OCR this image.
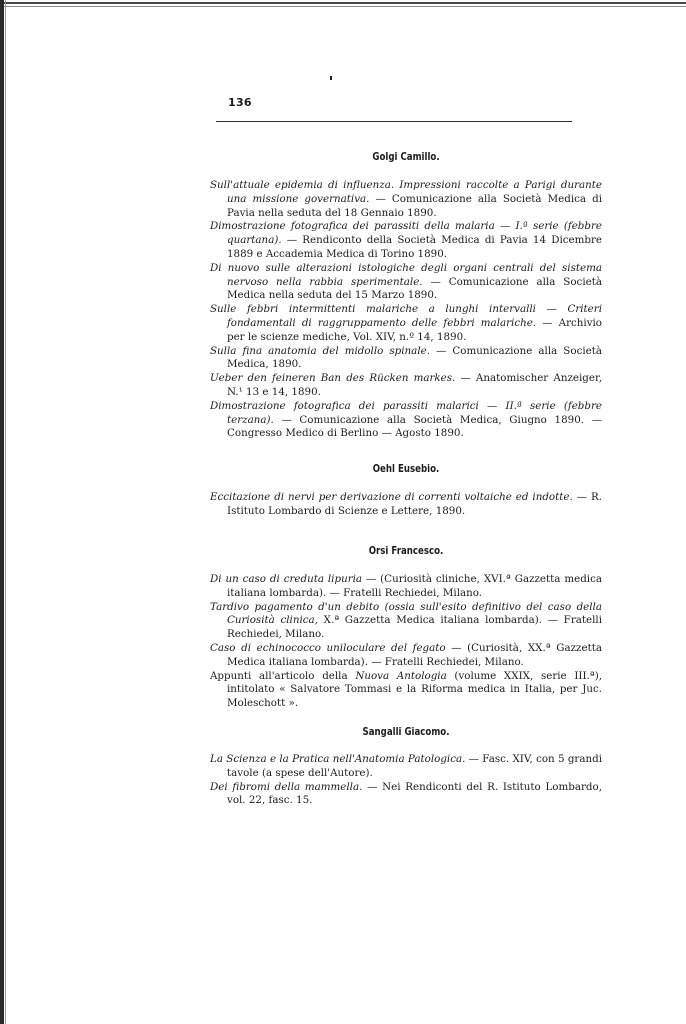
136
Golgi Camillo.

Sull'attuale epidemia di influenza. Impressioni raccolte a Parigi durante una missione governativa. — Comunicazione alla Società Medica di Pavia nella seduta del 18 Gennaio 1890.

Dimostrazione fotografica dei parassiti della malaria — I.ª serie (febbre quartana). — Rendiconto della Società Medica di Pavia 14 Dicembre 1889 e Accademia Medica di Torino 1890.

Di nuovo sulle alterazioni istologiche degli organi centrali del sistema nervoso nella rabbia sperimentale. — Comunicazione alla Società Medica nella seduta del 15 Marzo 1890.

Sulle febbri intermittenti malariche a lunghi intervalli — Criteri fondamentali di raggruppamento delle febbri malariche. — Archivio per le scienze mediche, Vol. XIV, n.º 14, 1890.

Sulla fina anatomia del midollo spinale. — Comunicazione alla Società Medica, 1890.

Ueber den feineren Ban des Rücken markes. — Anatomischer Anzeiger, N.¹ 13 e 14, 1890.

Dimostrazione fotografica dei parassiti malarici — II.ª serie (febbre terzana). — Comunicazione alla Società Medica, Giugno 1890. — Congresso Medico di Berlino — Agosto 1890.

Oehl Eusebio.

Eccitazione di nervi per derivazione di correnti voltaiche ed indotte. — R. Istituto Lombardo di Scienze e Lettere, 1890.

Orsi Francesco.

Di un caso di creduta lipuria — (Curiosità cliniche, XVI.ª Gazzetta medica italiana lombarda). — Fratelli Rechiedei, Milano.

Tardivo pagamento d'un debito (ossia sull'esito definitivo del caso della Curiosità clinica, X.ª Gazzetta Medica italiana lombarda). — Fratelli Rechiedei, Milano.

Caso di echinococco uniloculare del fegato — (Curiosità, XX.ª Gazzetta Medica italiana lombarda). — Fratelli Rechiedei, Milano.

Appunti all'articolo della Nuova Antologia (volume XXIX, serie III.ª), intitolato « Salvatore Tommasi e la Riforma medica in Italia, per Juc. Moleschott ».

Sangalli Giacomo.

La Scienza e la Pratica nell'Anatomia Patologica. — Fasc. XIV, con 5 grandi tavole (a spese dell'Autore).

Dei fibromi della mammella. — Nei Rendiconti del R. Istituto Lombardo, vol. 22, fasc. 15.
